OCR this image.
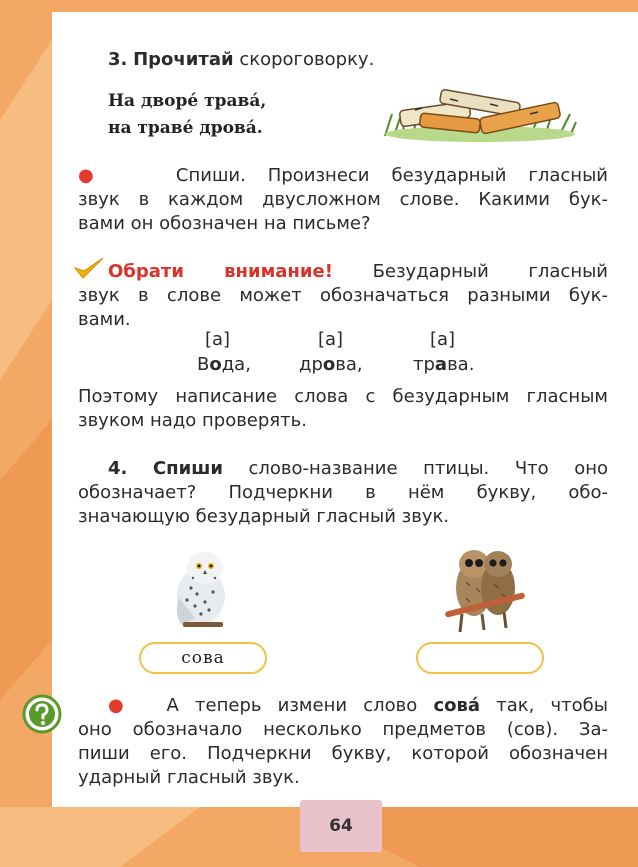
3. Прочитай скороговорку.
На дворе́ трава́,
на траве́ дрова́.
●	Спиши. Произнеси безударный гласный
звук в каждом двусложном слове. Какими бук-
вами он обозначен на письме?
Обрати внимание! Безударный гласный
звук в слове может обозначаться разными бук-
вами.
[а]	[а]	[а]
Вода,	дрова,	трава.
Поэтому написание слова с безударным гласным
звуком надо проверять.
4. Спиши слово-название птицы. Что оно
обозначает? Подчеркни в нём букву, обо-
значающую безударный гласный звук.
сова
● А теперь измени слово сова́ так, чтобы
оно обозначало несколько предметов (сов). За-
пиши его. Подчеркни букву, которой обозначен
ударный гласный звук.
64
